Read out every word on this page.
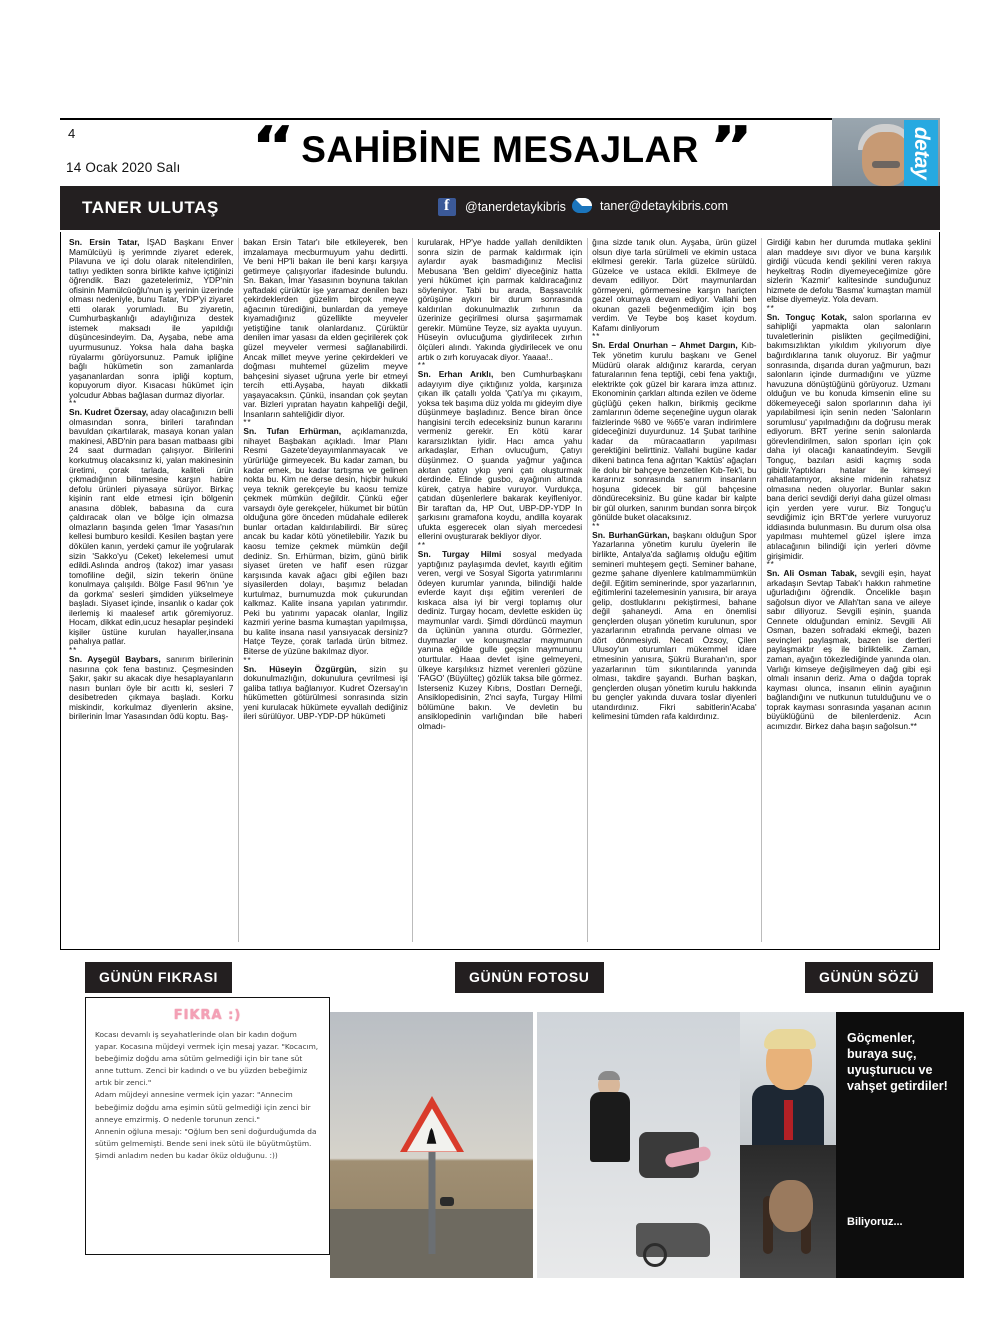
4
14 Ocak 2020 Salı “ SAHİBİNE MESAJLAR ”	detay
TANER ULUTAŞ f	@tanerdetaykibris	taner@detaykibris.com

Sn. Ersin Tatar, İŞAD Başkanı Enver Mamülcüyü iş yerimnde ziyaret ederek, Pilavuna ve içi dolu olarak nitelendirilen, tatlıyı yedikten sonra birlikte kahve içtiğinizi öğrendik. Bazı gazetelerimiz, YDP'nin ofisinin Mamülcüoğlu'nun iş yerinin üzerinde olması nedeniyle, bunu Tatar, YDP'yi ziyaret etti olarak yorumladı. Bu ziyaretin, Cumhurbaşkanlığı adaylığınıza destek istemek maksadı ile yapıldığı düşüncesindeyim. Da, Ayşaba, nebe ama uyurmusunuz. Yoksa hala daha başka rüyalarmı görüyorsunuz. Pamuk ipliğine bağlı hükümetin son zamanlarda yaşananlardan sonra ipliği koptum, kopuyorum diyor. Kısacası hükümet için yolcudur Abbas bağlasan durmaz diyorlar.

**

Sn. Kudret Özersay, aday olacağınızın belli olmasından sonra, birileri tarafından bavuldan çıkartılarak, masaya konan yalan makinesi, ABD'nin para basan matbaası gibi 24 saat durmadan çalışıyor. Birilerini korkutmuş olacaksınız ki, yalan makinesinin üretimi, çorak tarlada, kaliteli ürün çıkmadığının bilinmesine karşın habire defolu ürünleri piyasaya sürüyor. Birkaç kişinin rant elde etmesi için bölgenin anasına döblek, babasına da cura çaldıracak olan ve bölge için olmazsa olmazların başında gelen 'İmar Yasası'nın kellesi bumburo kesildi. Kesilen baştan yere dökülen kanın, yerdeki çamur ile yoğrularak sizin 'Sakko'yu (Ceket) lekelemesi umut edildi.Aslında androş (takoz) imar yasası tomofiline değil, sizin tekerin önüne konulmaya çalışıldı. Bölge Fasıl 96'nın 'ye da gorkma' sesleri şimdiden yükselmeye başladı. Siyaset içinde, insanlık o kadar çok ilerlemiş ki maalesef artık göremiyoruz. Hocam, dikkat edin,ucuz hesaplar peşindeki kişiler üstüne kurulan hayaller,insana pahalıya patlar.

**

Sn. Ayşegül Baybars, sanırım birilerinin nasırına çok fena bastınız. Çeşmesinden Şakır, şakır su akacak diye hesaplayanların nasırı bunları öyle bir acıttı ki, sesleri 7 desibetreden çıkmaya başladı. Korku miskindir, korkulmaz diyenlerin aksine, birilerinin İmar Yasasından ödü koptu. Baş-

bakan Ersin Tatar'ı bile etkileyerek, ben imzalamaya mecburmuyum yahu dedirtti. Ve beni HP'li bakan ile beni karşı karşıya getirmeye çalışıyorlar ifadesinde bulundu. Sn. Bakan, İmar Yasasının boynuna takılan yaftadaki çürüktür işe yaramaz denilen bazı çekirdeklerden güzelim birçok meyve ağacının türediğini, bunlardan da yemeye kıyamadığınız güzellikte meyveler yetiştiğine tanık olanlardanız. Çürüktür denilen imar yasası da elden geçirilerek çok güzel meyveler vermesi sağlanabilirdi. Ancak millet meyve yerine çekirdekleri ve doğması muhtemel güzelim meyve bahçesini siyaset uğruna yerle bir etmeyi tercih etti.Ayşaba, hayatı dikkatli yaşayacaksın. Çünkü, insandan çok şeytan var. Bizleri yıpratan hayatın kahpeliği değil, İnsanların sahteliğidir diyor.

**

Sn. Tufan Erhürman, açıklamanızda, nihayet Başbakan açıkladı. İmar Planı Resmi Gazete'deyayımlanmayacak ve yürürlüğe girmeyecek. Bu kadar zaman, bu kadar emek, bu kadar tartışma ve gelinen nokta bu. Kim ne derse desin, hiçbir hukuki veya teknik gerekçeyle bu kaosu temize çekmek mümkün değildir. Çünkü eğer varsaydı öyle gerekçeler, hükumet bir bütün olduğuna göre önceden müdahale edilerek bunlar ortadan kaldırılabilirdi. Bir süreç ancak bu kadar kötü yönetilebilir. Yazık bu kaosu temize çekmek mümkün değil dediniz. Sn. Erhürman, bizim, günü birlik siyaset üreten ve hafif esen rüzgar karşısında kavak ağacı gibi eğilen bazı siyasilerden dolayı, başımız beladan kurtulmaz, burnumuzda mok çukurundan kalkmaz. Kalite insana yapılan yatırımdır. Peki bu yatırımı yapacak olanlar, İngiliz kazmiri yerine basma kumaştan yapılmışsa, bu kalite insana nasıl yansıyacak dersiniz? Hatçe Teyze, çorak tarlada ürün bitmez. Biterse de yüzüne bakılmaz diyor.

**

Sn. Hüseyin Özgürgün, sizin şu dokunulmazlığın, dokunulura çevrilmesi işi galiba tatlıya bağlanıyor. Kudret Özersay'ın hükümetten götürülmesi sonrasında sizin yeni kurulacak hükümete eyvallah dediğiniz ileri sürülüyor. UBP-YDP-DP hükümeti

kurularak, HP'ye hadde yallah denildikten sonra sizin de parmak kaldırmak için aylardır ayak basmadığınız Meclisi Mebusana 'Ben geldim' diyeceğiniz hatta yeni hükümet için parmak kaldıracağınız söyleniyor. Tabi bu arada, Başsavcılık görüşüne aykırı bir durum sonrasında kaldırılan dokunulmazlık zırhının da üzerinize geçirilmesi olursa şaşırmamak gerekir. Mümüne Teyze, siz ayakta uyuyun. Hüseyin ovlucuğuma giydirilecek zırhın ölçüleri alındı. Yakında giydirilecek ve onu artık o zırh koruyacak diyor. Yaaaa!..

**

Sn. Erhan Arıklı, ben Cumhurbaşkanı adayıyım diye çıktığınız yolda, karşınıza çıkan ilk çatallı yolda 'Çatı'ya mı çıkayım, yoksa tek başıma düz yolda mı gideyim diye düşünmeye başladınız. Bence biran önce hangisini tercih edeceksiniz bunun kararını vermeniz gerekir. En kötü karar kararsızlıktan iyidir. Hacı amca yahu arkadaşlar, Erhan ovlucuğum, Çatıyı düşünmez. O şuanda yağmur yağınca akıtan çatıyı ykıp yeni çatı oluşturmak derdinde. Elinde gusbo, ayağının altında kürek, çatıya habire vuruyor. Vurdukça, çatıdan düşenlerlere bakarak keyifleniyor. Bir taraftan da, HP Out, UBP-DP-YDP In şarkısını gramafona koydu, andilla koyarak ufukta eşgerecek olan siyah mercedesi ellerini ovuşturarak bekliyor diyor.

**

Sn. Turgay Hilmi sosyal medyada yaptığınız paylaşımda devlet, kayıtlı eğitim veren, vergi ve Sosyal Sigorta yatırımlarını ödeyen kurumlar yanında, bilindiği halde evlerde kayıt dışı eğitim verenleri de kıskaca alsa iyi bir vergi toplamış olur dediniz. Turgay hocam, devlette eskiden üç maymunlar vardı. Şimdi dördüncü maymun da üçlünün yanına oturdu. Görmezler, duymazlar ve konuşmazlar maymunun yanına eğilde gulle geçsin maymununu oturttular. Haaa devlet işine gelmeyeni, ülkeye karşılıksız hizmet verenleri gözüne 'FAGO' (Büyülteç) gözlük taksa bile görmez. İsterseniz Kuzey Kıbrıs, Dostları Derneği, Ansiklopedisinin, 2'nci sayfa, Turgay Hilmi bölümüne bakın. Ve devletin bu ansiklopedinin varlığından bile haberi olmadı-

ğına sizde tanık olun. Ayşaba, ürün güzel olsun diye tarla sürülmeli ve ekimin ustaca ekilmesi gerekir. Tarla güzelce sürüldü. Güzelce ve ustaca ekildi. Ekilmeye de devam ediliyor. Dört maymunlardan görmeyeni, görmemesine karşın hariçten gazel okumaya devam ediyor. Vallahi ben okunan gazeli beğenmediğim için boş verdim. Ve Teybe boş kaset koydum. Kafamı dinliyorum

**

Sn. Erdal Onurhan – Ahmet Dargın, Kıb-Tek yönetim kurulu başkanı ve Genel Müdürü olarak aldığınız kararda, ceryan faturalarının fena teptiği, cebi fena yaktığı, elektrikte çok güzel bir karara imza attınız. Ekonominin çarkları altında ezilen ve ödeme güçlüğü çeken halkın, birikmiş gecikme zamlarının ödeme seçeneğine uygun olarak faizlerinde %80 ve %65'e varan indirimlere gideceğinizi duyurdunuz. 14 Şubat tarihine kadar da müracaatların yapılması gerektiğini belirttiniz. Vallahi bugüne kadar dikeni batınca fena ağrıtan 'Kaktüs' ağaçları ile dolu bir bahçeye benzetilen Kıb-Tek'i, bu kararınız sonrasında sanırım insanların hoşuna gidecek bir gül bahçesine döndüreceksiniz. Bu güne kadar bir kalpte bir gül olurken, sanırım bundan sonra birçok gönülde buket olacaksınız.

**

Sn. BurhanGürkan, başkanı olduğun Spor Yazarlarına yönetim kurulu üyelerin ile birlikte, Antalya'da sağlamış olduğu eğitim semineri muhteşem geçti. Seminer bahane, gezme şahane diyenlere katılmammümkün değil. Eğitim seminerinde, spor yazarlarının, eğitimlerini tazelemesinin yanısıra, bir araya gelip, dostluklarını pekiştirmesi, bahane değil şahaneydi. Ama en önemlisi gençlerden oluşan yönetim kurulunun, spor yazarlarının etrafında pervane olması ve dört dönmesiydi. Necati Özsoy, Çilen Ulusoy'un oturumları mükemmel idare etmesinin yanısıra, Şükrü Burahan'ın, spor yazarlarının tüm sıkıntılarında yanında olması, takdire şayandı. Burhan başkan, gençlerden oluşan yönetim kurulu hakkında bu gençler yakında duvara toslar diyenleri utandırdınız. Fikri sabitlerin'Acaba' kelimesini tümden rafa kaldırdınız.

Girdiği kabın her durumda mutlaka şeklini alan maddeye sıvı diyor ve buna karşılık girdiği vücuda kendi şekilini veren rakıya heykeltraş Rodin diyemeyeceğimize göre sizlerin 'Kazmir' kalitesinde sunduğunuz hizmete de defolu 'Basma' kumaştan mamül elbise diyemeyiz. Yola devam.

**

Sn. Tonguç Kotak, salon sporlarına ev sahipliği yapmakta olan salonların tuvaletlerinin pislikten geçilmediğini, bakımsızlıktan yıkıldım ykılıyorum diye bağırdıklarına tanık oluyoruz. Bir yağmur sonrasında, dışarıda duran yağmurun, bazı salonların içinde durmadığını ve yüzme havuzuna dönüştüğünü görüyoruz. Uzmanı olduğun ve bu konuda kimsenin eline su dökemeyeceği salon sporlarının daha iyi yapılabilmesi için senin neden 'Salonların sorumlusu' yapılmadığını da doğrusu merak ediyorum. BRT yerine senin salonlarda görevlendirilmen, salon sporları için çok daha iyi olacağı kanaatindeyim. Sevgili Tonguç, bazıları asidi kaçmış soda gibidir.Yaptıkları hatalar ile kimseyi rahatlatamıyor, aksine midenin rahatsız olmasına neden oluyorlar. Bunlar sakın bana derici sevdiği deriyi daha güzel olması için yerden yere vurur. Biz Tonguç'u sevdiğimiz için BRT'de yerlere vuruyoruz iddiasında bulunmasın. Bu durum olsa olsa yapılması muhtemel güzel işlere imza atılacağının bilindiği için yerleri dövme girişimidir.

**

Sn. Ali Osman Tabak, sevgili eşin, hayat arkadaşın Sevtap Tabak'ı hakkın rahmetine uğurladığını öğrendik. Öncelikle başın sağolsun diyor ve Allah'tan sana ve aileye sabır diliyoruz. Sevgili eşinin, şuanda Cennete olduğundan eminiz. Sevgili Ali Osman, bazen sofradaki ekmeği, bazen sevinçleri paylaşmak, bazen ise dertleri paylaşmaktır eş ile birliktelik. Zaman, zaman, ayağın tökezlediğinde yanında olan. Varlığı kimseye değişilmeyen dağ gibi eşi olmalı insanın deriz. Ama o dağda toprak kayması olunca, insanın elinin ayağının bağlandığını ve nutkunun tutulduğunu ve o toprak kayması sonrasında yaşanan acının büyüklüğünü de bilenlerdeniz. Acın acımızdır. Birkez daha başın sağolsun.**

GÜNÜN FIKRASI
FIKRA :)

Kocası devamlı iş seyahatlerinde olan bir kadın doğum yapar. Kocasına müjdeyi vermek için mesaj yazar. "Kocacım, bebeğimiz doğdu ama sütüm gelmediği için bir tane süt anne tuttum. Zenci bir kadındı o ve bu yüzden bebeğimiz artık bir zenci."

Adam müjdeyi annesine vermek için yazar: "Annecim bebeğimiz doğdu ama eşimin sütü gelmediği için zenci bir anneye emzirmiş. O nedenle torunun zenci."

Annenin oğluna mesajı: "Oğlum ben seni doğurduğumda da sütüm gelmemişti. Bende seni inek sütü ile büyütmüştüm. Şimdi anladım neden bu kadar öküz olduğunu. :))

GÜNÜN FOTOSU	GÜNÜN SÖZÜ
Göçmenler, buraya suç, uyuşturucu ve vahşet getirdiler!
Biliyoruz...
